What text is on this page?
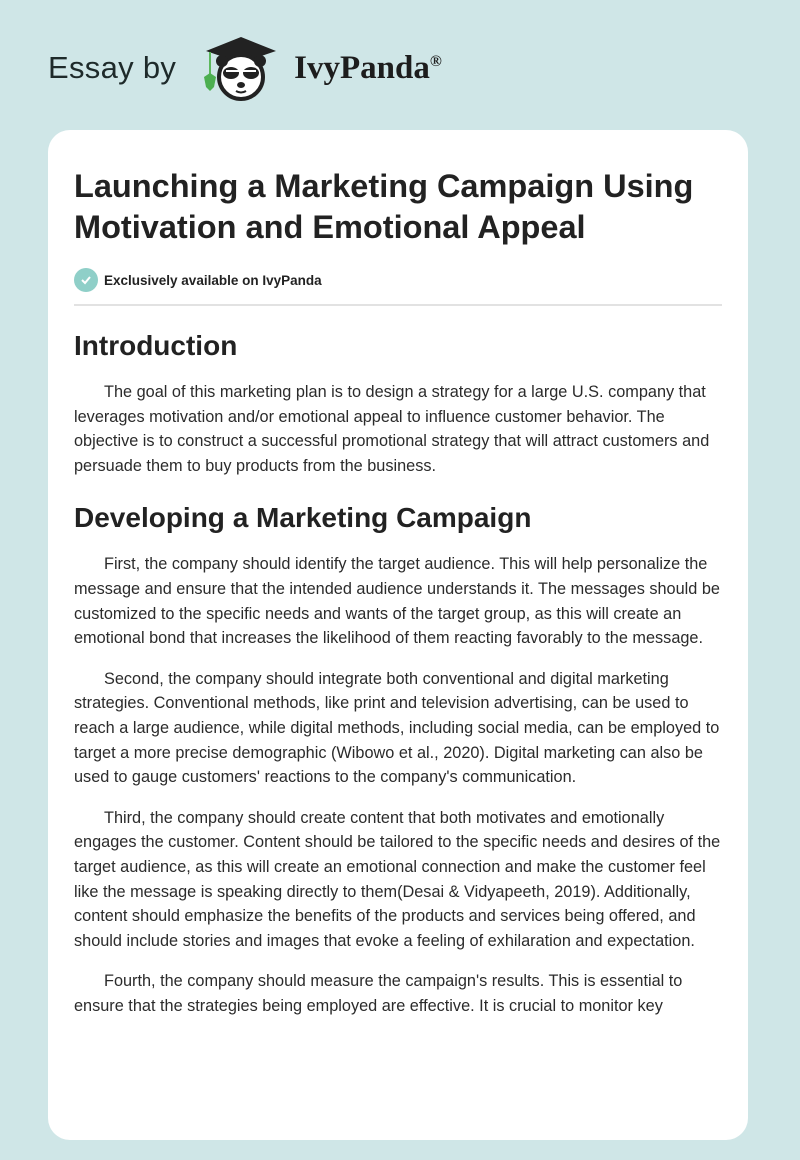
Essay by	IvyPanda®
Launching a Marketing Campaign Using Motivation and Emotional Appeal
Exclusively available on IvyPanda
Introduction

The goal of this marketing plan is to design a strategy for a large U.S. company that leverages motivation and/or emotional appeal to influence customer behavior. The objective is to construct a successful promotional strategy that will attract customers and persuade them to buy products from the business.

Developing a Marketing Campaign

First, the company should identify the target audience. This will help personalize the message and ensure that the intended audience understands it. The messages should be customized to the specific needs and wants of the target group, as this will create an emotional bond that increases the likelihood of them reacting favorably to the message.

Second, the company should integrate both conventional and digital marketing strategies. Conventional methods, like print and television advertising, can be used to reach a large audience, while digital methods, including social media, can be employed to target a more precise demographic (Wibowo et al., 2020). Digital marketing can also be used to gauge customers' reactions to the company's communication.

Third, the company should create content that both motivates and emotionally engages the customer. Content should be tailored to the specific needs and desires of the target audience, as this will create an emotional connection and make the customer feel like the message is speaking directly to them(Desai & Vidyapeeth, 2019). Additionally, content should emphasize the benefits of the products and services being offered, and should include stories and images that evoke a feeling of exhilaration and expectation.

Fourth, the company should measure the campaign's results. This is essential to ensure that the strategies being employed are effective. It is crucial to monitor key
